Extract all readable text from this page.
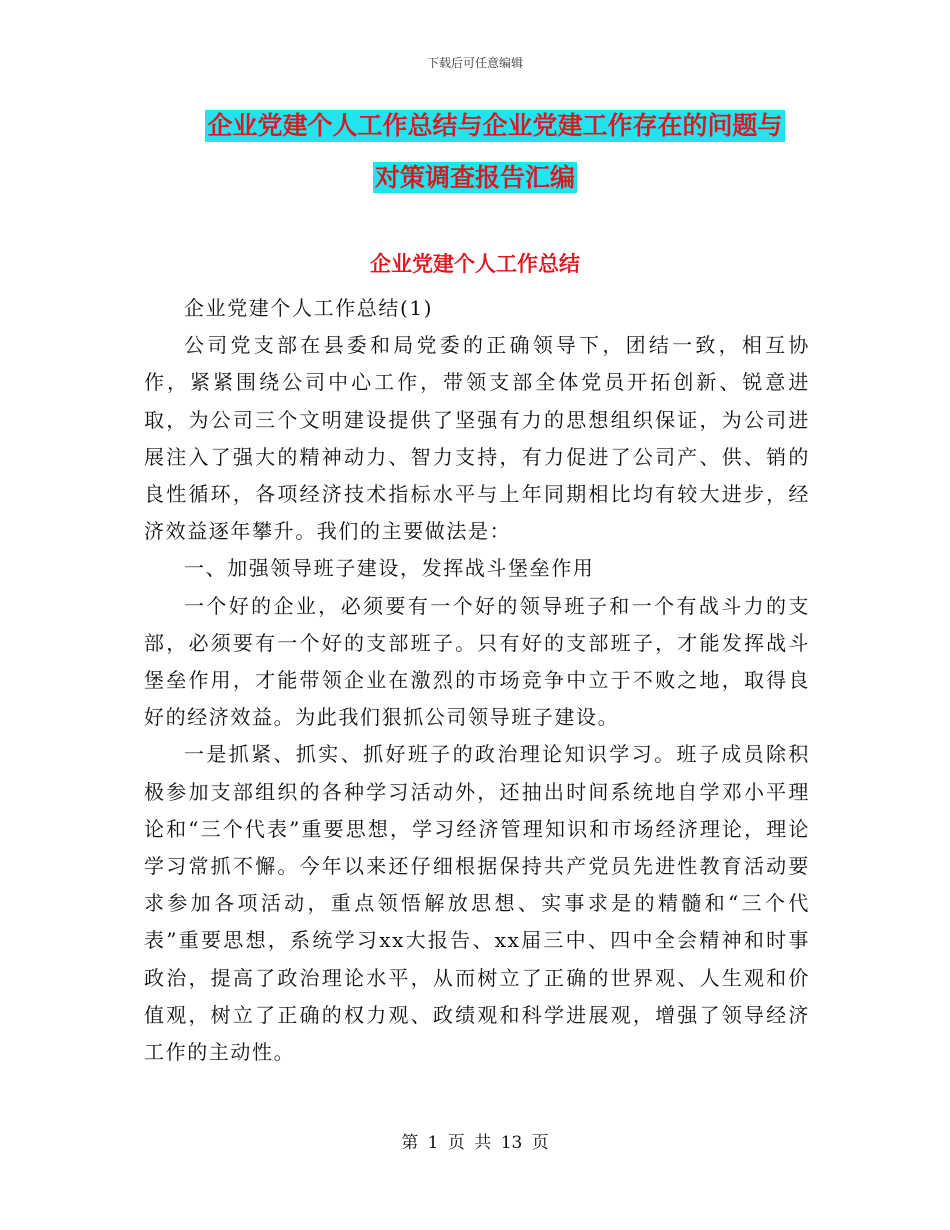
下载后可任意编辑
企业党建个人工作总结与企业党建工作存在的问题与
对策调查报告汇编
企业党建个人工作总结

企业党建个人工作总结(1)

公司党支部在县委和局党委的正确领导下，团结一致，相互协作，紧紧围绕公司中心工作，带领支部全体党员开拓创新、锐意进取，为公司三个文明建设提供了坚强有力的思想组织保证，为公司进展注入了强大的精神动力、智力支持，有力促进了公司产、供、销的良性循环，各项经济技术指标水平与上年同期相比均有较大进步，经济效益逐年攀升。我们的主要做法是：

一、加强领导班子建设，发挥战斗堡垒作用

一个好的企业，必须要有一个好的领导班子和一个有战斗力的支部，必须要有一个好的支部班子。只有好的支部班子，才能发挥战斗堡垒作用，才能带领企业在激烈的市场竞争中立于不败之地，取得良好的经济效益。为此我们狠抓公司领导班子建设。

一是抓紧、抓实、抓好班子的政治理论知识学习。班子成员除积极参加支部组织的各种学习活动外，还抽出时间系统地自学邓小平理论和“三个代表”重要思想，学习经济管理知识和市场经济理论，理论学习常抓不懈。今年以来还仔细根据保持共产党员先进性教育活动要求参加各项活动，重点领悟解放思想、实事求是的精髓和“三个代表”重要思想，系统学习xx大报告、xx届三中、四中全会精神和时事政治，提高了政治理论水平，从而树立了正确的世界观、人生观和价值观，树立了正确的权力观、政绩观和科学进展观，增强了领导经济工作的主动性。

第 1 页 共 13 页
